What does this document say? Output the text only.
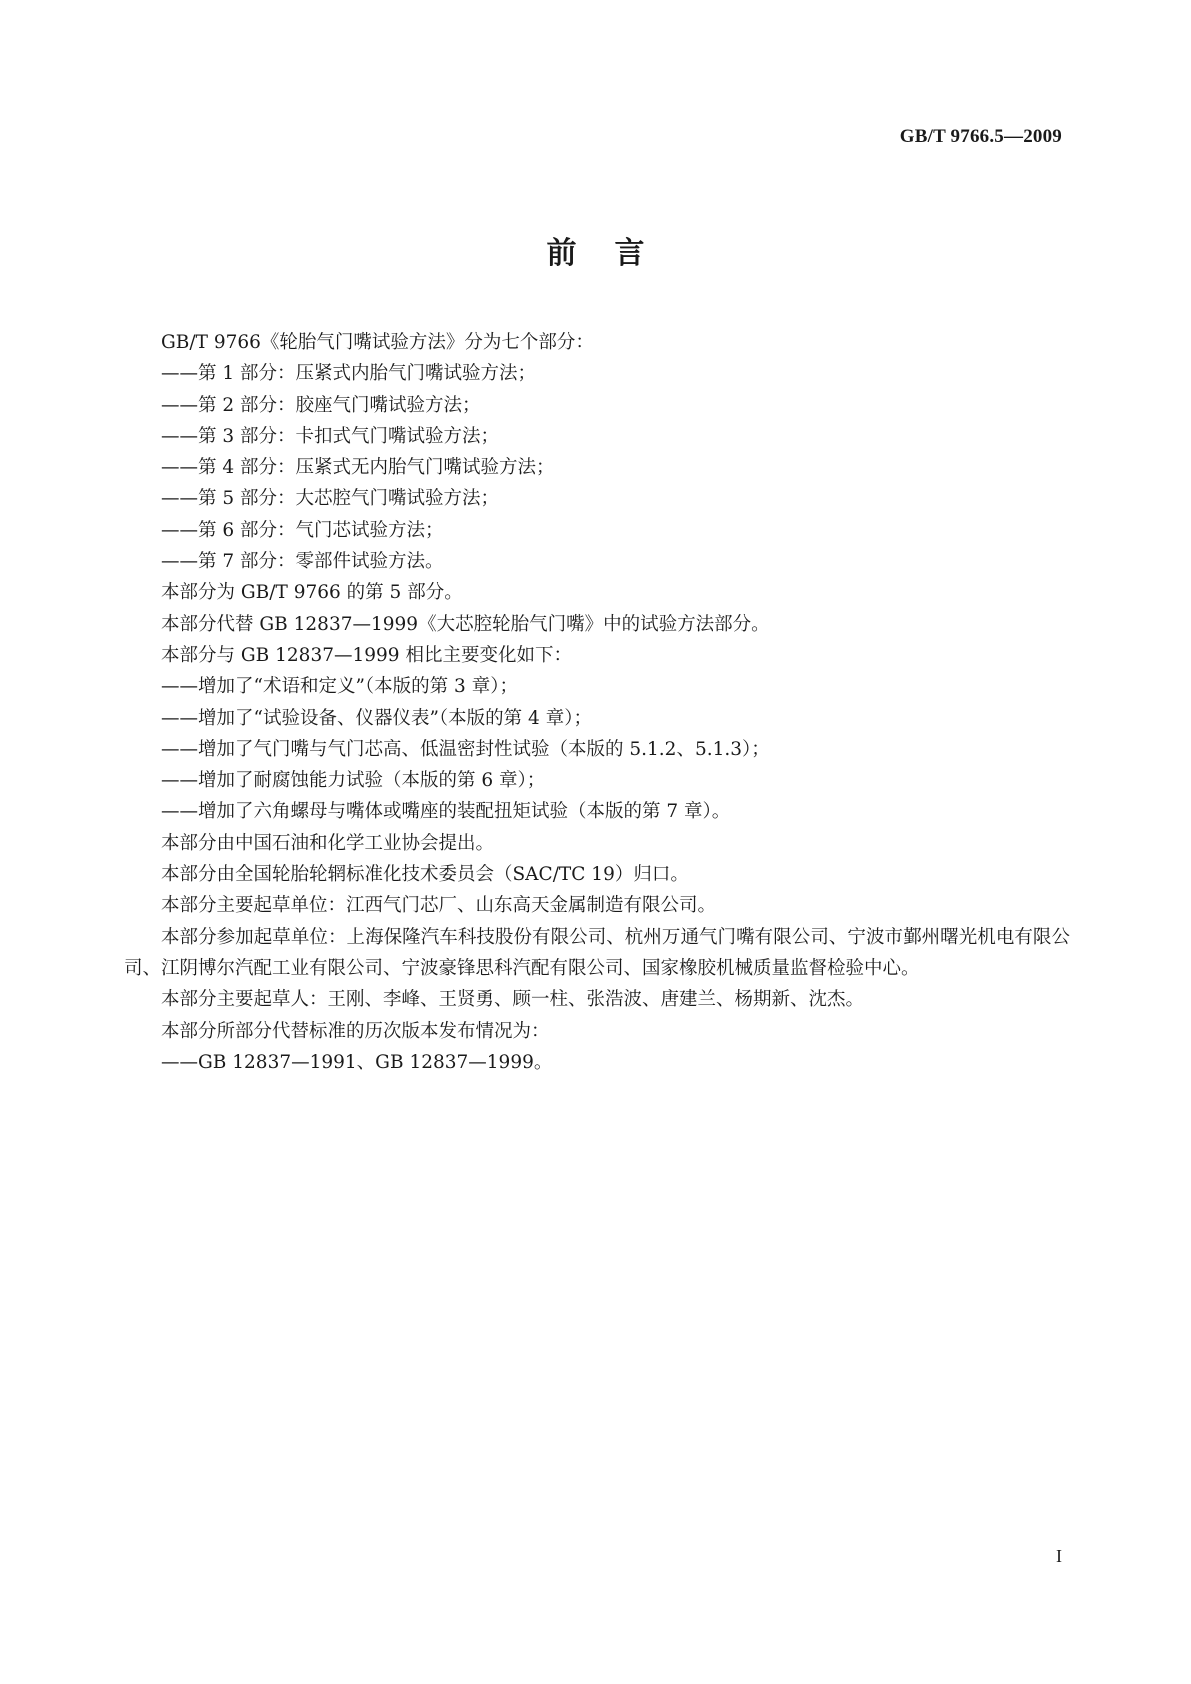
GB/T 9766.5—2009
前言
GB/T 9766《轮胎气门嘴试验方法》分为七个部分：
——第 1 部分：压紧式内胎气门嘴试验方法；
——第 2 部分：胶座气门嘴试验方法；
——第 3 部分：卡扣式气门嘴试验方法；
——第 4 部分：压紧式无内胎气门嘴试验方法；
——第 5 部分：大芯腔气门嘴试验方法；
——第 6 部分：气门芯试验方法；
——第 7 部分：零部件试验方法。
本部分为 GB/T 9766 的第 5 部分。
本部分代替 GB 12837—1999《大芯腔轮胎气门嘴》中的试验方法部分。
本部分与 GB 12837—1999 相比主要变化如下：
——增加了“术语和定义”（本版的第 3 章）；
——增加了“试验设备、仪器仪表”（本版的第 4 章）；
——增加了气门嘴与气门芯高、低温密封性试验（本版的 5.1.2、5.1.3）；
——增加了耐腐蚀能力试验（本版的第 6 章）；
——增加了六角螺母与嘴体或嘴座的装配扭矩试验（本版的第 7 章）。
本部分由中国石油和化学工业协会提出。
本部分由全国轮胎轮辋标准化技术委员会（SAC/TC 19）归口。
本部分主要起草单位：江西气门芯厂、山东高天金属制造有限公司。

本部分参加起草单位：上海保隆汽车科技股份有限公司、杭州万通气门嘴有限公司、宁波市鄞州曙光机电有限公司、江阴博尔汽配工业有限公司、宁波豪锋思科汽配有限公司、国家橡胶机械质量监督检验中心。

本部分主要起草人：王刚、李峰、王贤勇、顾一柱、张浩波、唐建兰、杨期新、沈杰。
本部分所部分代替标准的历次版本发布情况为：
——GB 12837—1991、GB 12837—1999。
I
